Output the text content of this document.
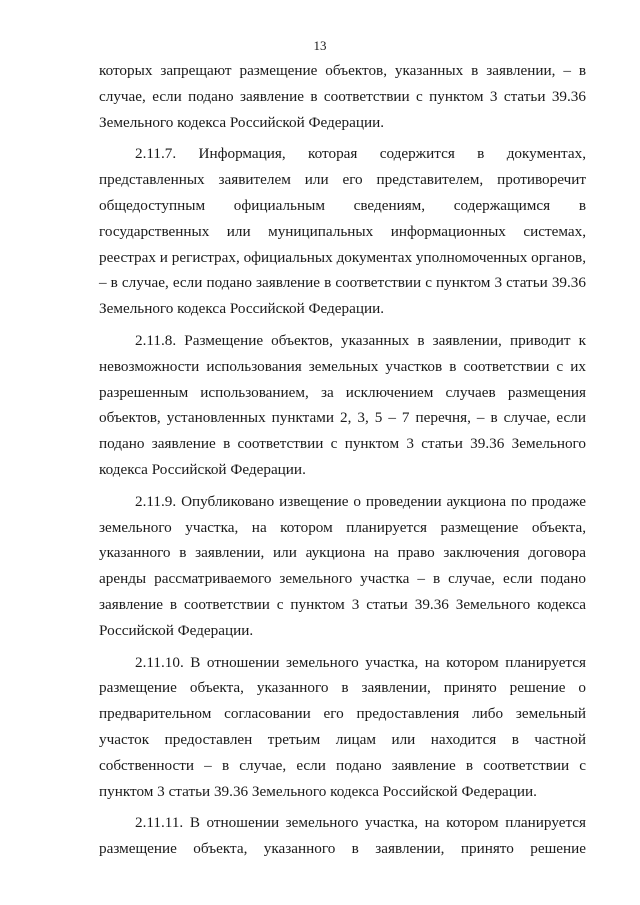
13

которых запрещают размещение объектов, указанных в заявлении, – в случае, если подано заявление в соответствии с пунктом 3 статьи 39.36 Земельного кодекса Российской Федерации.

2.11.7. Информация, которая содержится в документах, представленных заявителем или его представителем, противоречит общедоступным официальным сведениям, содержащимся в государственных или муниципальных информационных системах, реестрах и регистрах, официальных документах уполномоченных органов, – в случае, если подано заявление в соответствии с пунктом 3 статьи 39.36 Земельного кодекса Российской Федерации.

2.11.8. Размещение объектов, указанных в заявлении, приводит к невозможности использования земельных участков в соответствии с их разрешенным использованием, за исключением случаев размещения объектов, установленных пунктами 2, 3, 5 – 7 перечня, – в случае, если подано заявление в соответствии с пунктом 3 статьи 39.36 Земельного кодекса Российской Федерации.

2.11.9. Опубликовано извещение о проведении аукциона по продаже земельного участка, на котором планируется размещение объекта, указанного в заявлении, или аукциона на право заключения договора аренды рассматриваемого земельного участка – в случае, если подано заявление в соответствии с пунктом 3 статьи 39.36 Земельного кодекса Российской Федерации.

2.11.10. В отношении земельного участка, на котором планируется размещение объекта, указанного в заявлении, принято решение о предварительном согласовании его предоставления либо земельный участок предоставлен третьим лицам или находится в частной собственности – в случае, если подано заявление в соответствии с пунктом 3 статьи 39.36 Земельного кодекса Российской Федерации.

2.11.11. В отношении земельного участка, на котором планируется размещение объекта, указанного в заявлении, принято решение
